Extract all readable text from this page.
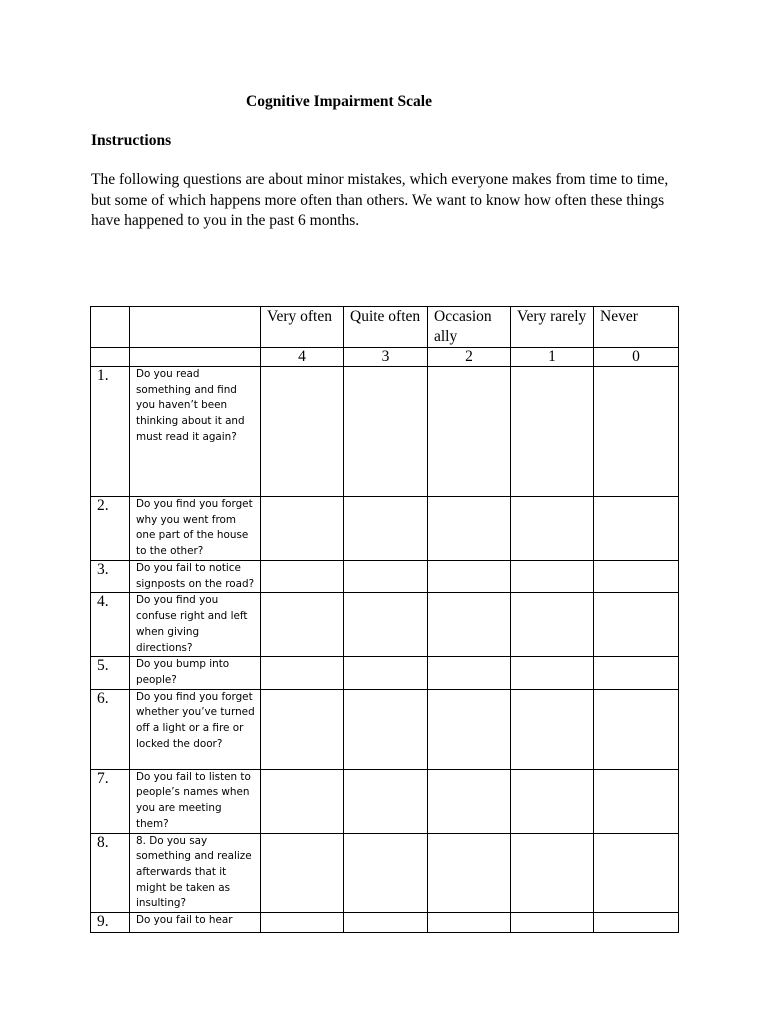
Cognitive Impairment Scale
Instructions
The following questions are about minor mistakes, which everyone makes from time to time, but some of which happens more often than others. We want to know how often these things have happened to you in the past 6 months.
		Very often	Quite often	Occasion ally	Very rarely	Never
		4	3	2	1	0
1.	Do you read something and find you haven’t been thinking about it and must read it again?					
2.	Do you find you forget why you went from one part of the house to the other?					
3.	Do you fail to notice signposts on the road?					
4.	Do you find you confuse right and left when giving directions?					
5.	Do you bump into people?					
6.	Do you find you forget whether you’ve turned off a light or a fire or locked the door?					
7.	Do you fail to listen to people’s names when you are meeting them?					
8.	8. Do you say something and realize afterwards that it might be taken as insulting?					
9.	Do you fail to hear					
